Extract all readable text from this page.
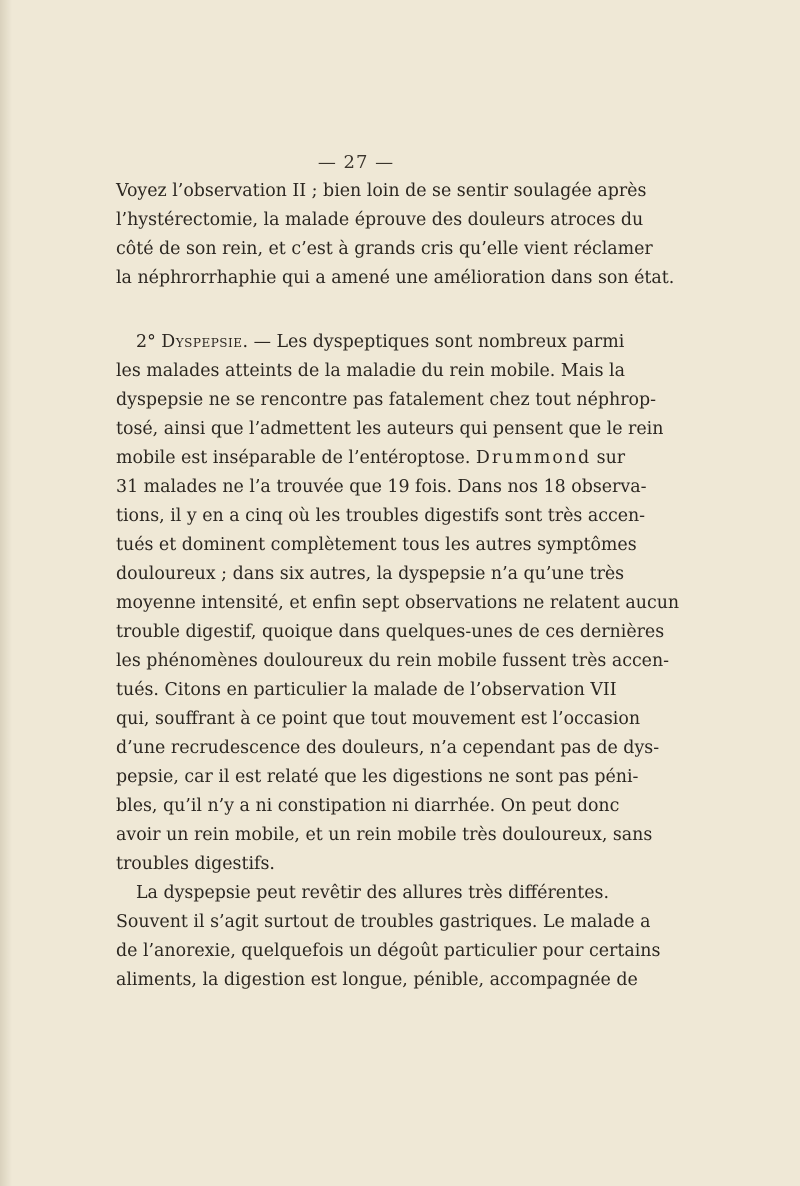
— 27 —
Voyez l’observation II ; bien loin de se sentir soulagée après
l’hystérectomie, la malade éprouve des douleurs atroces du
côté de son rein, et c’est à grands cris qu’elle vient réclamer
la néphrorrhaphie qui a amené une amélioration dans son état.
2° Dyspepsie. — Les dyspeptiques sont nombreux parmi
les malades atteints de la maladie du rein mobile. Mais la
dyspepsie ne se rencontre pas fatalement chez tout néphrop-
tosé, ainsi que l’admettent les auteurs qui pensent que le rein
mobile est inséparable de l’entéroptose. Drummond sur
31 malades ne l’a trouvée que 19 fois. Dans nos 18 observa-
tions, il y en a cinq où les troubles digestifs sont très accen-
tués et dominent complètement tous les autres symptômes
douloureux ; dans six autres, la dyspepsie n’a qu’une très
moyenne intensité, et enfin sept observations ne relatent aucun
trouble digestif, quoique dans quelques-unes de ces dernières
les phénomènes douloureux du rein mobile fussent très accen-
tués. Citons en particulier la malade de l’observation VII
qui, souffrant à ce point que tout mouvement est l’occasion
d’une recrudescence des douleurs, n’a cependant pas de dys-
pepsie, car il est relaté que les digestions ne sont pas péni-
bles, qu’il n’y a ni constipation ni diarrhée. On peut donc
avoir un rein mobile, et un rein mobile très douloureux, sans
troubles digestifs.
La dyspepsie peut revêtir des allures très différentes.
Souvent il s’agit surtout de troubles gastriques. Le malade a
de l’anorexie, quelquefois un dégoût particulier pour certains
aliments, la digestion est longue, pénible, accompagnée de
